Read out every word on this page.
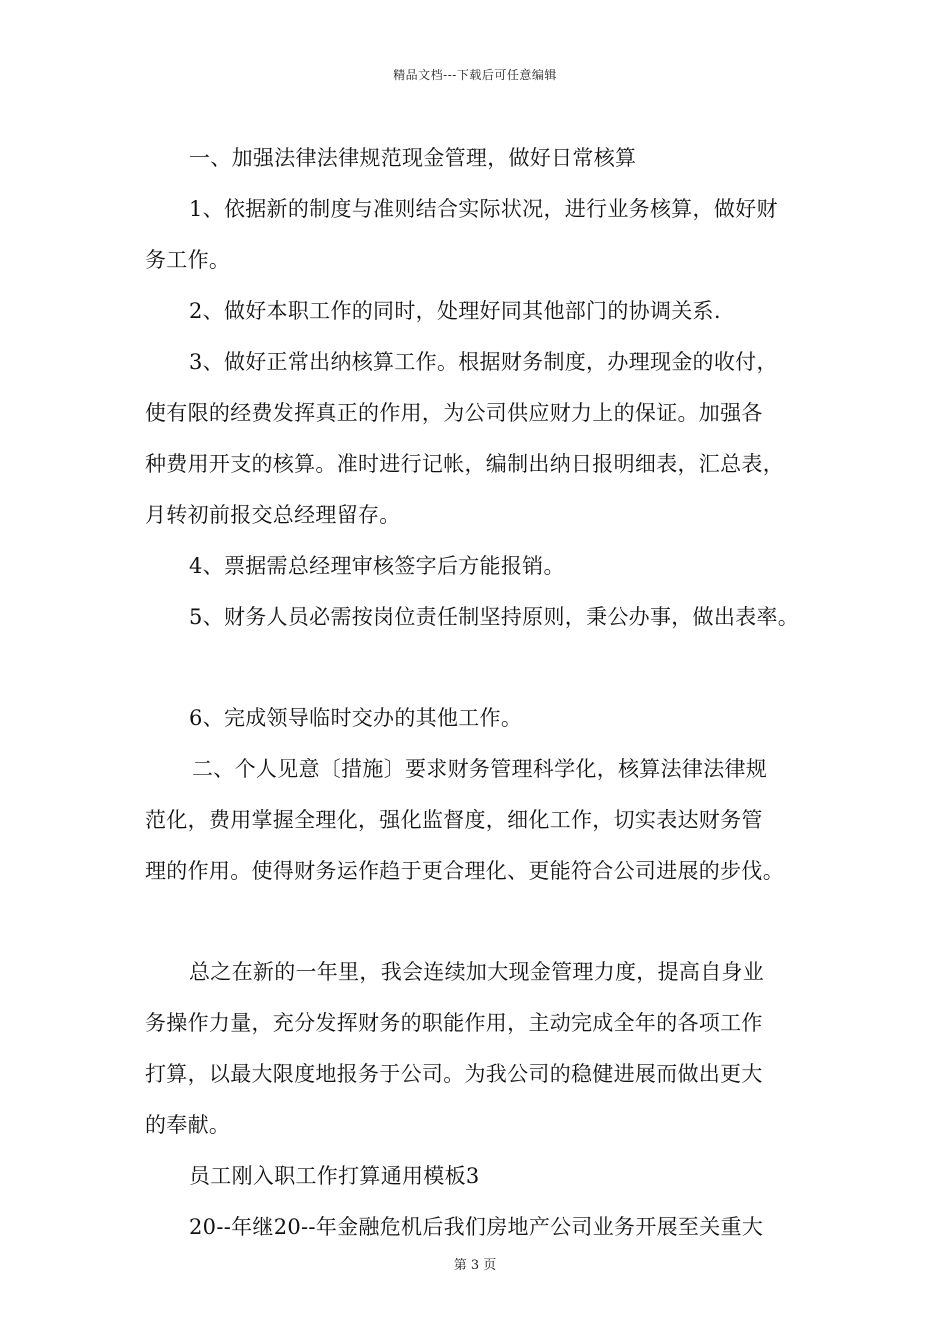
精品文档---下载后可任意编辑
一、加强法律法律规范现金管理，做好日常核算
1、依据新的制度与准则结合实际状况，进行业务核算，做好财
务工作。
2、做好本职工作的同时，处理好同其他部门的协调关系.
3、做好正常出纳核算工作。根据财务制度，办理现金的收付，
使有限的经费发挥真正的作用，为公司供应财力上的保证。加强各
种费用开支的核算。准时进行记帐，编制出纳日报明细表，汇总表，
月转初前报交总经理留存。
4、票据需总经理审核签字后方能报销。
5、财务人员必需按岗位责任制坚持原则，秉公办事，做出表率。
6、完成领导临时交办的其他工作。
二、个人见意〔措施〕要求财务管理科学化，核算法律法律规
范化，费用掌握全理化，强化监督度，细化工作，切实表达财务管
理的作用。使得财务运作趋于更合理化、更能符合公司进展的步伐。
总之在新的一年里，我会连续加大现金管理力度，提高自身业
务操作力量，充分发挥财务的职能作用，主动完成全年的各项工作
打算，以最大限度地报务于公司。为我公司的稳健进展而做出更大
的奉献。
员工刚入职工作打算通用模板3
20--年继20--年金融危机后我们房地产公司业务开展至关重大
第 3 页
